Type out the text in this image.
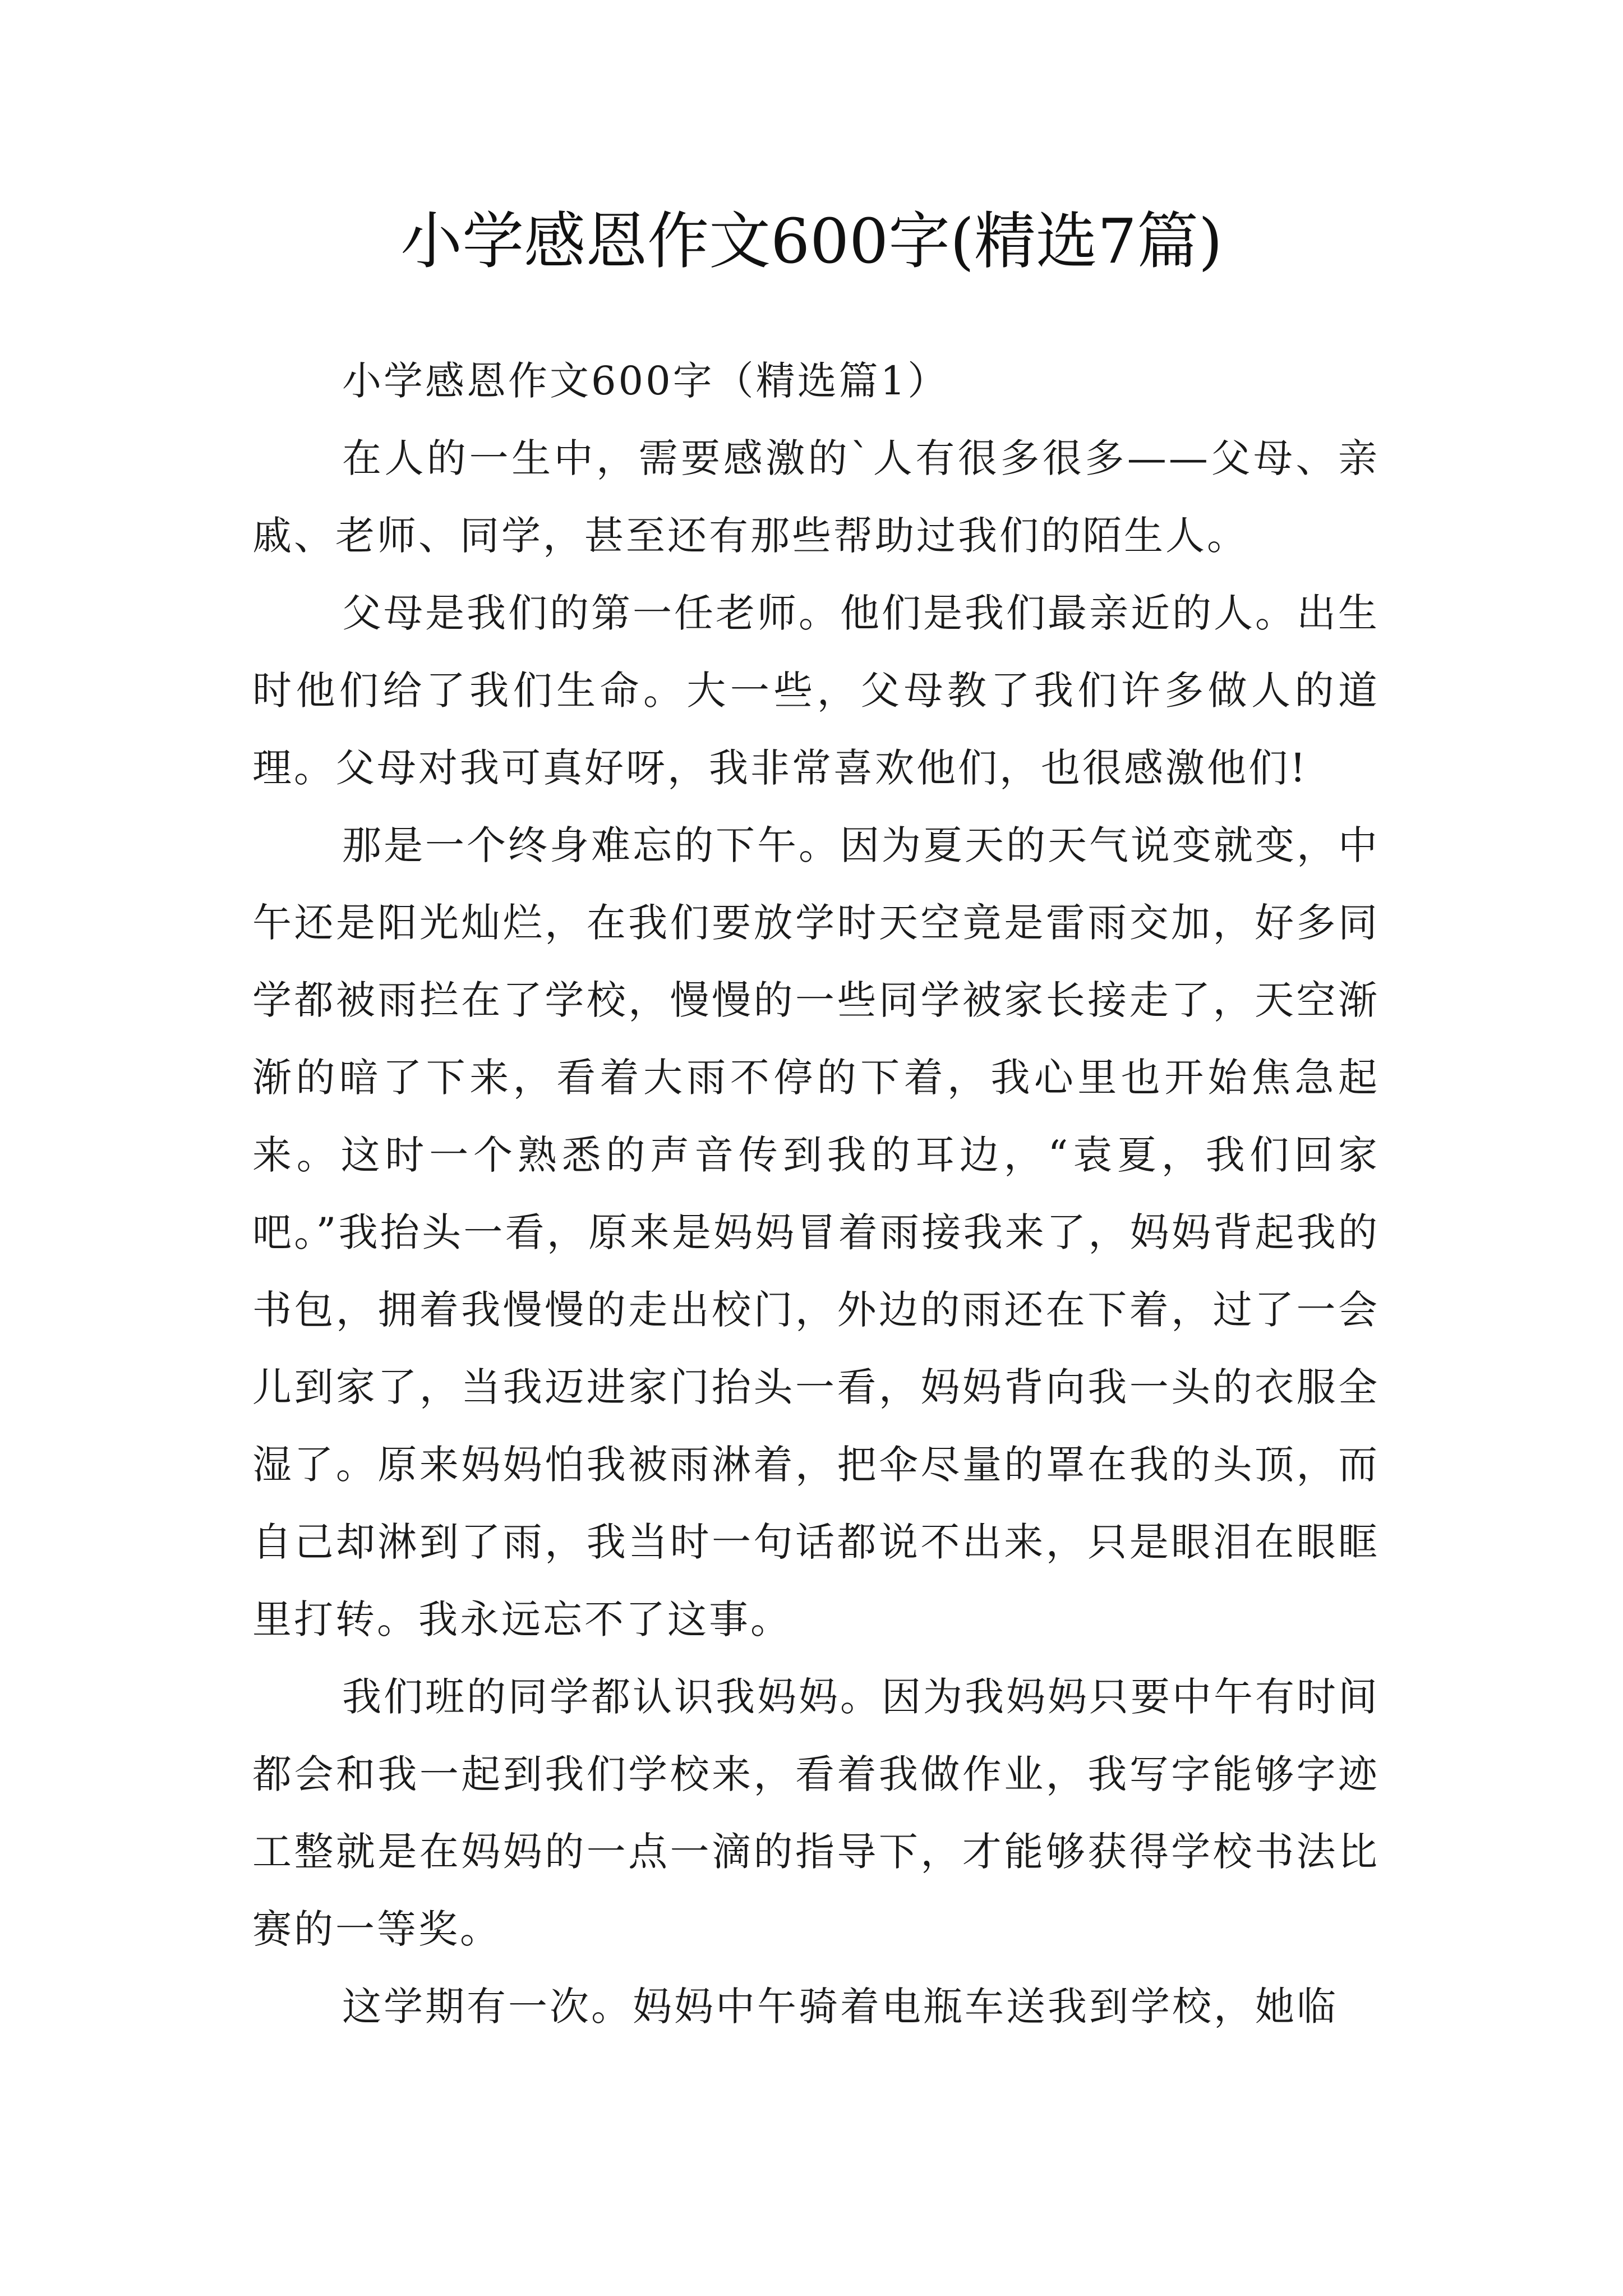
小学感恩作文600字(精选7篇)

小学感恩作文600字（精选篇1）

在人的一生中，需要感激的`人有很多很多——父母、亲戚、老师、同学，甚至还有那些帮助过我们的陌生人。

父母是我们的第一任老师。他们是我们最亲近的人。出生时他们给了我们生命。大一些，父母教了我们许多做人的道理。父母对我可真好呀，我非常喜欢他们，也很感激他们!

那是一个终身难忘的下午。因为夏天的天气说变就变，中午还是阳光灿烂，在我们要放学时天空竟是雷雨交加，好多同学都被雨拦在了学校，慢慢的一些同学被家长接走了，天空渐渐的暗了下来，看着大雨不停的下着，我心里也开始焦急起来。这时一个熟悉的声音传到我的耳边，“袁夏，我们回家吧。”我抬头一看，原来是妈妈冒着雨接我来了，妈妈背起我的书包，拥着我慢慢的走出校门，外边的雨还在下着，过了一会儿到家了，当我迈进家门抬头一看，妈妈背向我一头的衣服全湿了。原来妈妈怕我被雨淋着，把伞尽量的罩在我的头顶，而自己却淋到了雨，我当时一句话都说不出来，只是眼泪在眼眶里打转。我永远忘不了这事。

我们班的同学都认识我妈妈。因为我妈妈只要中午有时间都会和我一起到我们学校来，看着我做作业，我写字能够字迹工整就是在妈妈的一点一滴的指导下，才能够获得学校书法比赛的一等奖。

这学期有一次。妈妈中午骑着电瓶车送我到学校，她临
